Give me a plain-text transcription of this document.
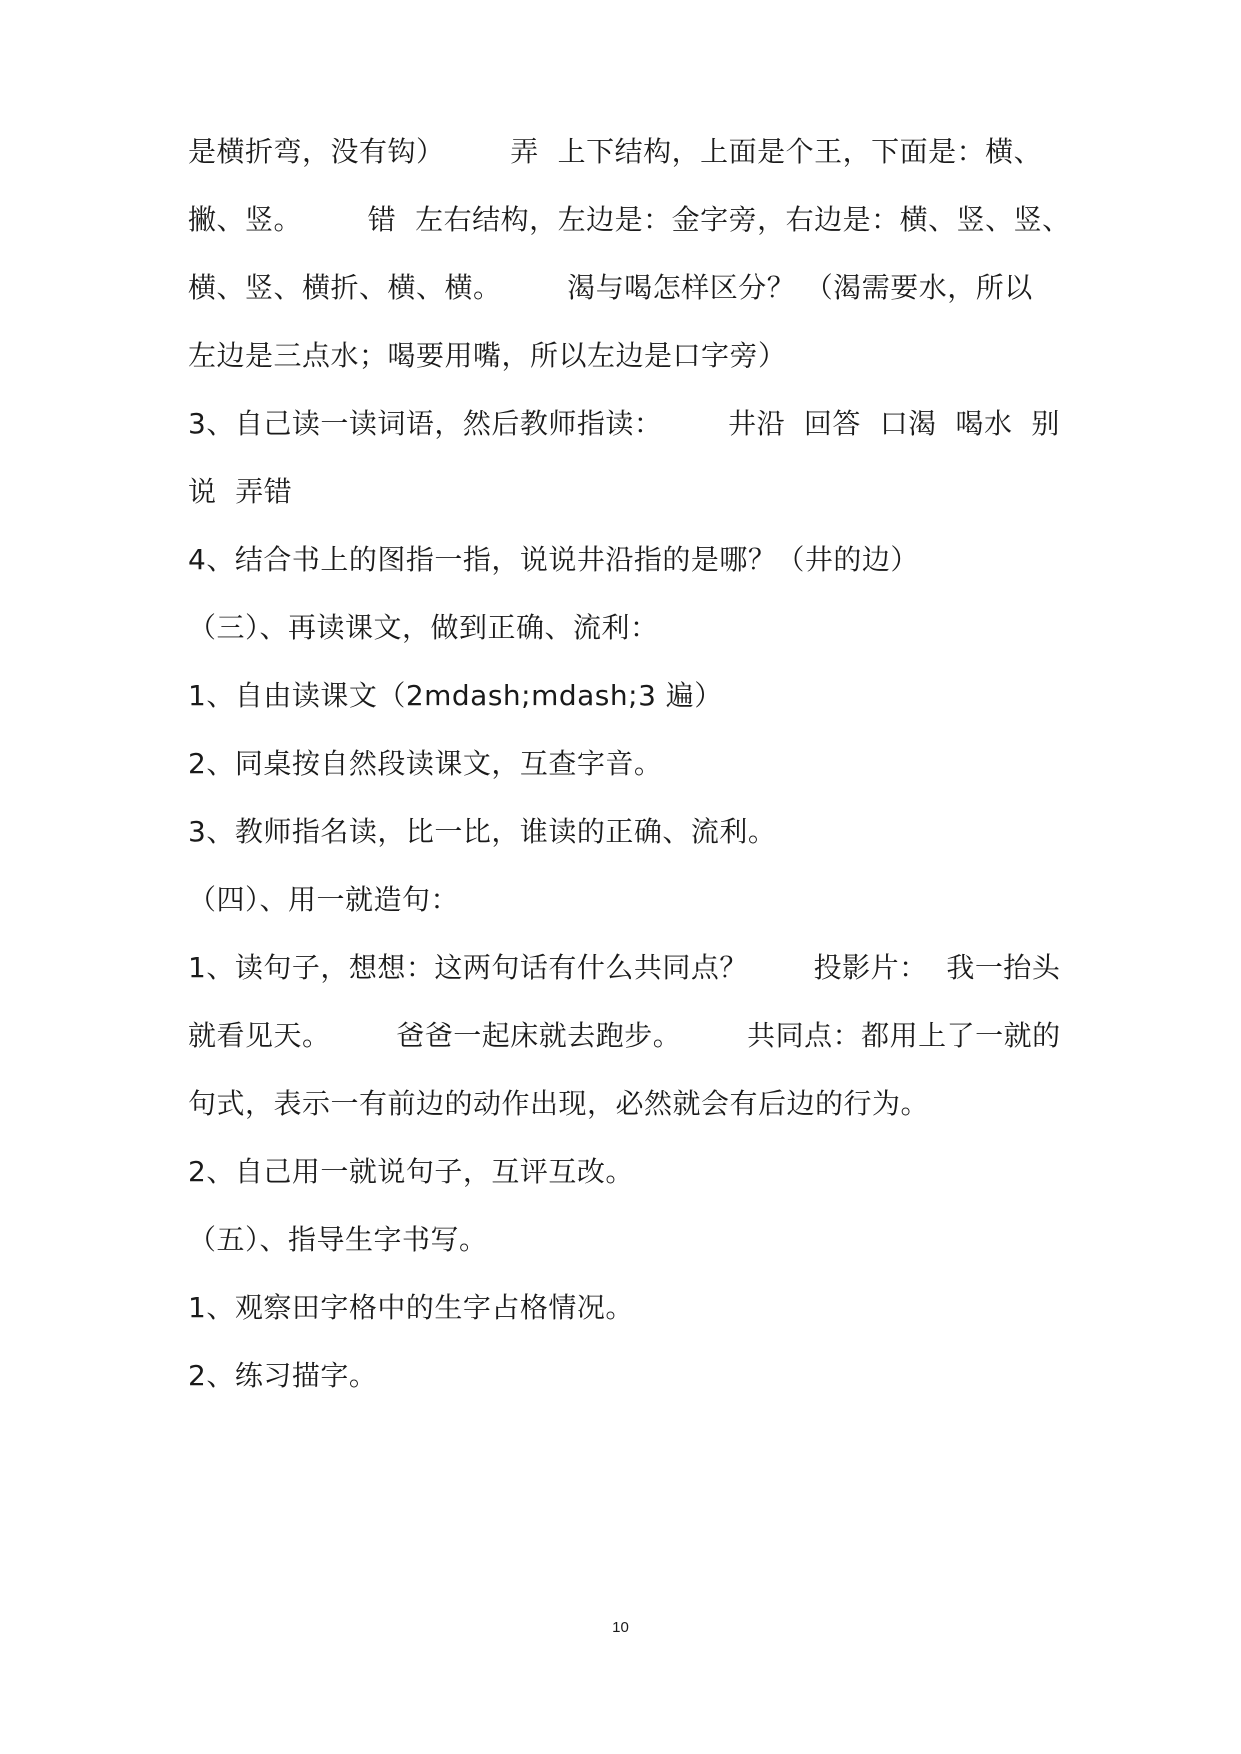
是横折弯，没有钩）       弄  上下结构，上面是个王，下面是：横、
撇、竖。       错  左右结构，左边是：金字旁，右边是：横、竖、竖、
横、竖、横折、横、横。       渴与喝怎样区分？ （渴需要水，所以
左边是三点水；喝要用嘴，所以左边是口字旁）
3、自己读一读词语，然后教师指读：       井沿  回答  口渴  喝水  别
说  弄错
4、结合书上的图指一指，说说井沿指的是哪？（井的边）
（三）、再读课文，做到正确、流利：
1、自由读课文（2mdash;mdash;3 遍）
2、同桌按自然段读课文，互查字音。
3、教师指名读，比一比，谁读的正确、流利。
（四）、用一就造句：
1、读句子，想想：这两句话有什么共同点？       投影片：  我一抬头
就看见天。       爸爸一起床就去跑步。       共同点：都用上了一就的
句式，表示一有前边的动作出现，必然就会有后边的行为。
2、自己用一就说句子，互评互改。
（五）、指导生字书写。
1、观察田字格中的生字占格情况。
2、练习描字。
10
